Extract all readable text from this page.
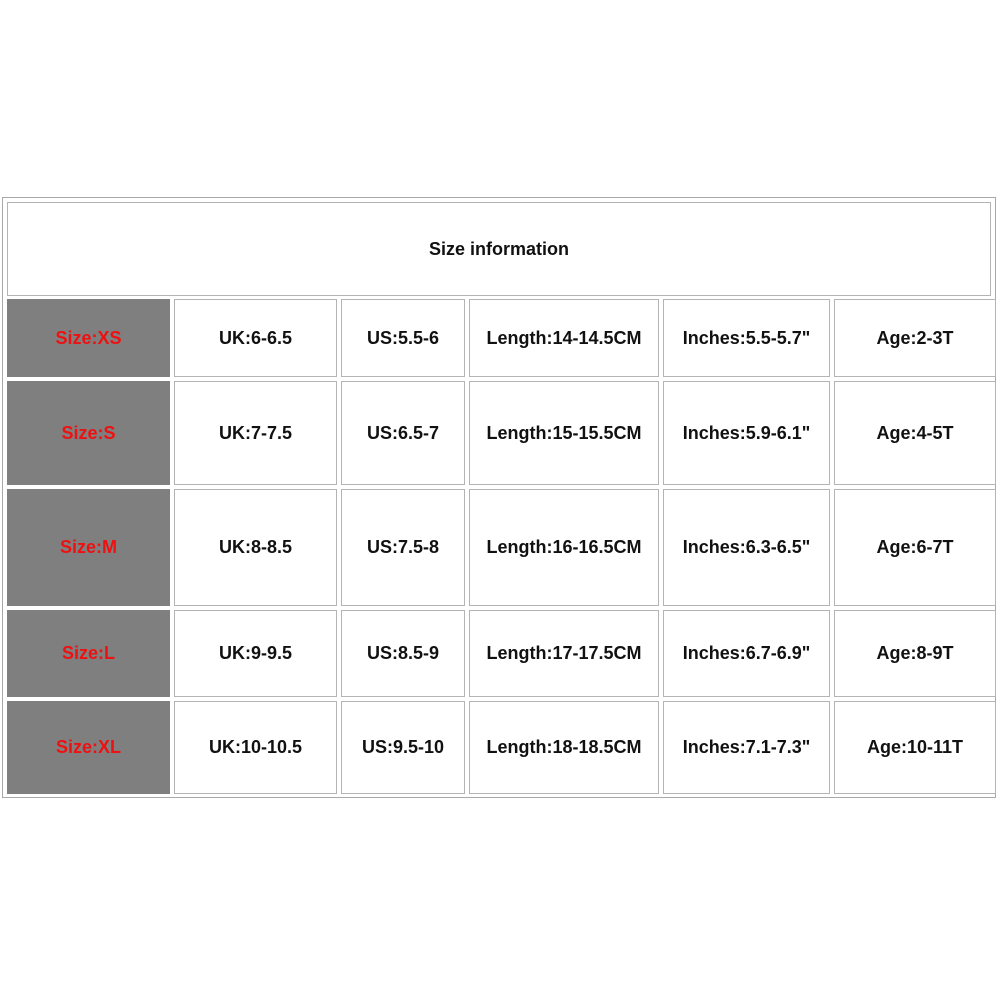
Size information
Size:XS	UK:6-6.5	US:5.5-6	Length:14-14.5CM	Inches:5.5-5.7"	Age:2-3T
Size:S	UK:7-7.5	US:6.5-7	Length:15-15.5CM	Inches:5.9-6.1"	Age:4-5T
Size:M	UK:8-8.5	US:7.5-8	Length:16-16.5CM	Inches:6.3-6.5"	Age:6-7T
Size:L	UK:9-9.5	US:8.5-9	Length:17-17.5CM	Inches:6.7-6.9"	Age:8-9T
Size:XL	UK:10-10.5	US:9.5-10	Length:18-18.5CM	Inches:7.1-7.3"	Age:10-11T
